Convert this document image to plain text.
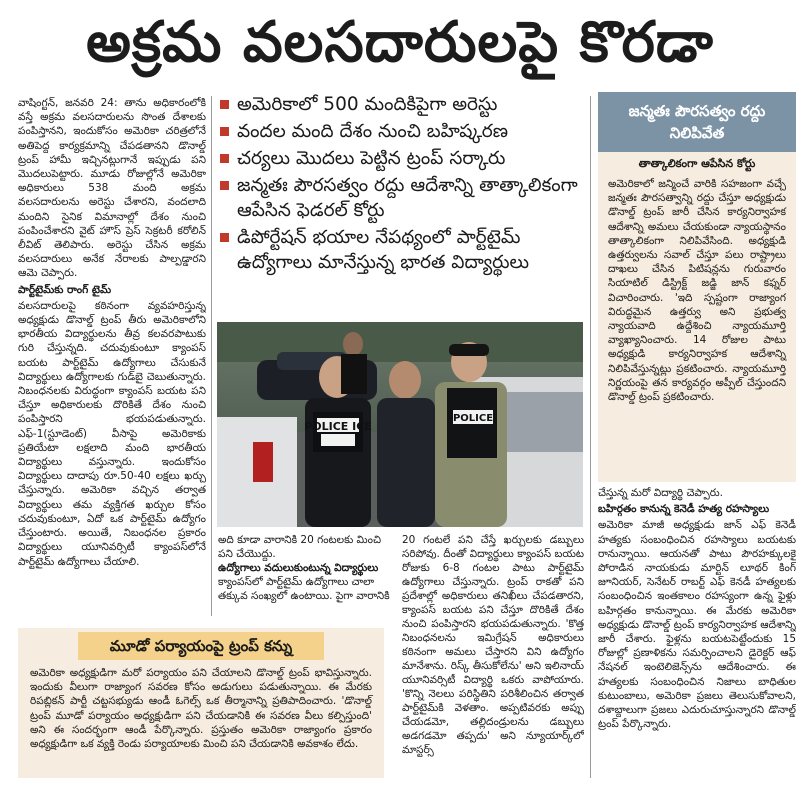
అక్రమ వలసదారులపై కొరడా

వాషింగ్టన్, జనవరి 24: తాను అధికారంలోకి వస్తే అక్రమ వలసదారులను సొంత దేశాలకు పంపిస్తానని, ఇందుకోసం అమెరికా చరిత్రలోనే అతిపెద్ద కార్యక్రమాన్ని చేపడతానని డొనాల్డ్ ట్రంప్ హామీ ఇచ్చినట్లుగానే ఇప్పుడు పని మొదలుపెట్టారు. మూడు రోజుల్లోనే అమెరికా అధికారులు 538 మంది అక్రమ వలసదారులను అరెస్టు చేశారని, వందలాది మందిని సైనిక విమానాల్లో దేశం నుంచి పంపించేశారని వైట్ హౌస్ ప్రెస్ సెక్రటరీ కరోలిన్ లీవిట్ తెలిపారు. అరెస్టు చేసిన అక్రమ వలసదారులు అనేక నేరాలకు పాల్పడ్డారని ఆమె చెప్పారు.

పార్ట్‌టైమ్‌కు రాంగ్ టైమ్

వలసదారులపై కఠినంగా వ్యవహరిస్తున్న అధ్యక్షుడు డొనాల్డ్ ట్రంప్ తీరు అమెరికాలోని భారతీయ విద్యార్థులను తీవ్ర కలవరపాటుకు గురి చేస్తున్నది. చదువుకుంటూ క్యాంపస్ బయట పార్ట్‌టైమ్ ఉద్యోగాలు చేసుకునే విద్యార్థులు ఉద్యోగాలకు గుడ్‌బై చెబుతున్నారు. నిబంధనలకు విరుద్ధంగా క్యాంపస్ బయట పని చేస్తూ అధికారులకు దొరికితే దేశం నుంచి పంపిస్తారని భయపడుతున్నారు. ఎఫ్-1(స్టూడెంట్) వీసాపై అమెరికాకు ప్రతియేటా లక్షలాది మంది భారతీయ విద్యార్థులు వస్తున్నారు. ఇందుకోసం విద్యార్థులు దాదాపు రూ.50-40 లక్షలు ఖర్చు చేస్తున్నారు. అమెరికా వచ్చిన తర్వాత విద్యార్థులు తమ వ్యక్తిగత ఖర్చుల కోసం చదువుకుంటూ, ఏదో ఒక పార్ట్‌టైమ్ ఉద్యోగం చేస్తుంటారు. అయితే, నిబంధనల ప్రకారం విద్యార్థులు యూనివర్సిటీ క్యాంపస్‌లోనే పార్ట్‌టైమ్ ఉద్యోగాలు చేయాలి.

అమెరికాలో 500 మందికిపైగా అరెస్టు
వందల మంది దేశం నుంచి బహిష్కరణ
చర్యలు మొదలు పెట్టిన ట్రంప్ సర్కారు
జన్మతః పౌరసత్వం రద్దు ఆదేశాన్ని తాత్కాలికంగా ఆపేసిన ఫెడరల్ కోర్టు
డిపోర్టేషన్ భయాల నేపథ్యంలో పార్ట్‌టైమ్ ఉద్యోగాలు మానేస్తున్న భారత విద్యార్థులు
POLICE ICE
POLICE
అది కూడా వారానికి 20 గంటలకు మించి పని చేయొద్దు.
ఉద్యోగాలు వదులుకుంటున్న విద్యార్థులు
క్యాంపస్‌లో పార్ట్‌టైమ్ ఉద్యోగాలు చాలా తక్కువ సంఖ్యలో ఉంటాయి. పైగా వారానికి
20 గంటలే పని చేస్తే ఖర్చులకు డబ్బులు సరిపోవు. దీంతో విద్యార్థులు క్యాంపస్ బయట రోజుకు 6-8 గంటల పాటు పార్ట్‌టైమ్ ఉద్యోగాలు చేస్తున్నారు. ట్రంప్ రాకతో పని ప్రదేశాల్లో అధికారులు తనిఖీలు చేపడతారని, క్యాంపస్ బయట పని చేస్తూ దొరికితే దేశం నుంచి పంపిస్తారని భయపడుతున్నారు. 'కొత్త నిబంధనలను ఇమిగ్రేషన్ అధికారులు కఠినంగా అమలు చేస్తారని విని ఉద్యోగం మానేశాను. రిస్క్ తీసుకోలేను' అని ఇలినాయ్ యూనివర్సిటీ విద్యార్థి ఒకరు వాపోయారు. 'కొన్ని నెలలు పరిస్థితిని పరిశీలించిన తర్వాత పార్ట్‌టైమ్‌కి వెళతాం. అప్పటివరకు అప్పు చేయడమో, తల్లిదండ్రులను డబ్బులు అడగడమో తప్పదు' అని న్యూయార్క్‌లో మాస్టర్స్
జన్మతః పౌరసత్వం రద్దు నిలిపివేత
తాత్కాలికంగా ఆపేసిన కోర్టు
అమెరికాలో జన్మించే వారికి సహజంగా వచ్చే జన్మతః పౌరసత్వాన్ని రద్దు చేస్తూ అధ్యక్షుడు డొనాల్డ్ ట్రంప్ జారీ చేసిన కార్యనిర్వాహక ఆదేశాన్ని అమలు చేయకుండా న్యాయస్థానం తాత్కాలికంగా నిలిపివేసింది. అధ్యక్షుడి ఉత్తర్వులను సవాల్ చేస్తూ పలు రాష్ట్రాలు దాఖలు చేసిన పిటిషన్లను గురువారం సియాటిల్ డిస్ట్రిక్ట్ జడ్జి జాన్ కఫ్నర్ విచారించారు. 'ఇది స్పష్టంగా రాజ్యాంగ విరుద్ధమైన ఉత్తర్వు అని ప్రభుత్వ న్యాయవాది ఉద్దేశించి న్యాయమూర్తి వ్యాఖ్యానించారు. 14 రోజుల పాటు అధ్యక్షుడి కార్యనిర్వాహక ఆదేశాన్ని నిలిపివేస్తున్నట్లు ప్రకటించారు. న్యాయమూర్తి నిర్ణయంపై తన కార్యవర్గం అప్పీల్ చేస్తుందని డొనాల్డ్ ట్రంప్ ప్రకటించారు.

చేస్తున్న మరో విద్యార్థి చెప్పారు.

బహిర్గతం కానున్న కెనెడీ హత్య రహస్యాలు

అమెరికా మాజీ అధ్యక్షుడు జాన్ ఎఫ్ కెనెడీ హత్యకు సంబంధించిన రహస్యాలు బయటకు రానున్నాయి. ఆయనతో పాటు పౌరహక్కులకై పోరాడిన నాయకుడు మార్టిన్ లూథర్ కింగ్ జూనియర్, సెనేటర్ రాబర్ట్ ఎఫ్ కెనడీ హత్యలకు సంబంధించిన ఇంతకాలం రహస్యంగా ఉన్న ఫైళ్లు బహిర్గతం కానున్నాయి. ఈ మేరకు అమెరికా అధ్యక్షుడు డొనాల్డ్ ట్రంప్ కార్యనిర్వాహక ఆదేశాన్ని జారీ చేశారు. ఫైళ్లను బయటపెట్టేందుకు 15 రోజుల్లో ప్రణాళికను సమర్పించాలని డైరెక్టర్ ఆఫ్ నేషనల్ ఇంటెలిజెన్స్‌ను ఆదేశించారు. ఈ హత్యలకు సంబంధించిన నిజాలు బాధితుల కుటుంబాలు, అమెరికా ప్రజలు తెలుసుకోవాలని, దశాబ్దాలుగా ప్రజలు ఎదురుచూస్తున్నారని డొనాల్డ్ ట్రంప్ పేర్కొన్నారు.

మూడో పర్యాయంపై ట్రంప్ కన్ను
అమెరికా అధ్యక్షుడిగా మరో పర్యాయం పని చేయాలని డొనాల్డ్ ట్రంప్ భావిస్తున్నారు. ఇందుకు వీలుగా రాజ్యాంగ సవరణ కోసం అడుగులు పడుతున్నాయి. ఈ మేరకు రిపబ్లికన్ పార్టీ చట్టసభ్యుడు ఆండీ ఓగెల్స్ ఒక తీర్మానాన్ని ప్రతిపాదించారు. 'డొనాల్డ్ ట్రంప్ మూడో పర్యాయం అధ్యక్షుడిగా పని చేయడానికి ఈ సవరణ వీలు కల్పిస్తుంది' అని ఈ సందర్భంగా ఆండీ పేర్కొన్నారు. ప్రస్తుతం అమెరికా రాజ్యాంగం ప్రకారం అధ్యక్షుడిగా ఒక వ్యక్తి రెండు పర్యాయాలకు మించి పని చేయడానికి అవకాశం లేదు.
